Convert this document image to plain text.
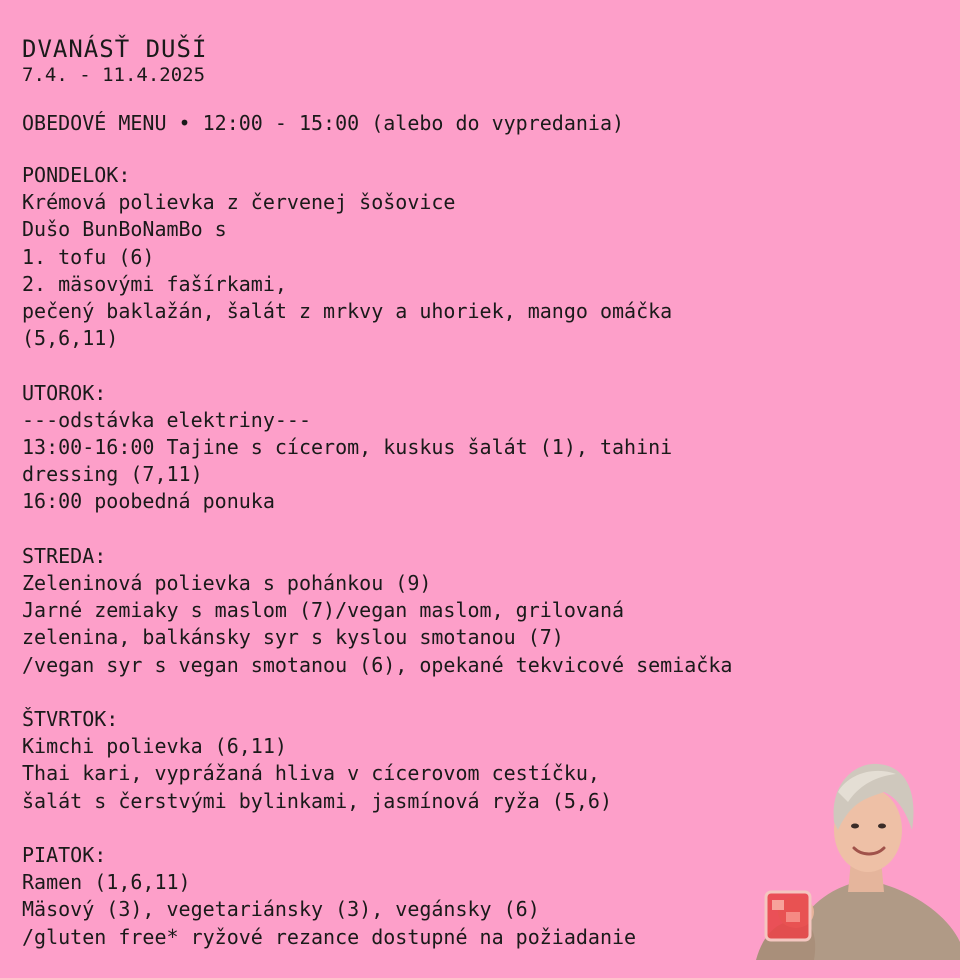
DVANÁSŤ DUŠÍ
7.4. - 11.4.2025
OBEDOVÉ MENU • 12:00 - 15:00 (alebo do vypredania)
PONDELOK:
Krémová polievka z červenej šošovice
Dušo BunBoNamBo s
1. tofu (6)
2. mäsovými fašírkami,
pečený baklažán, šalát z mrkvy a uhoriek, mango omáčka
(5,6,11)
UTOROK:
---odstávka elektriny---
13:00-16:00 Tajine s cícerom, kuskus šalát (1), tahini
dressing (7,11)
16:00 poobedná ponuka
STREDA:
Zeleninová polievka s pohánkou (9)
Jarné zemiaky s maslom (7)/vegan maslom, grilovaná
zelenina, balkánsky syr s kyslou smotanou (7)
/vegan syr s vegan smotanou (6), opekané tekvicové semiačka
ŠTVRTOK:
Kimchi polievka (6,11)
Thai kari, vyprážaná hliva v cícerovom cestíčku,
šalát s čerstvými bylinkami, jasmínová ryža (5,6)
PIATOK:
Ramen (1,6,11)
Mäsový (3), vegetariánsky (3), vegánsky (6)
/gluten free* ryžové rezance dostupné na požiadanie
